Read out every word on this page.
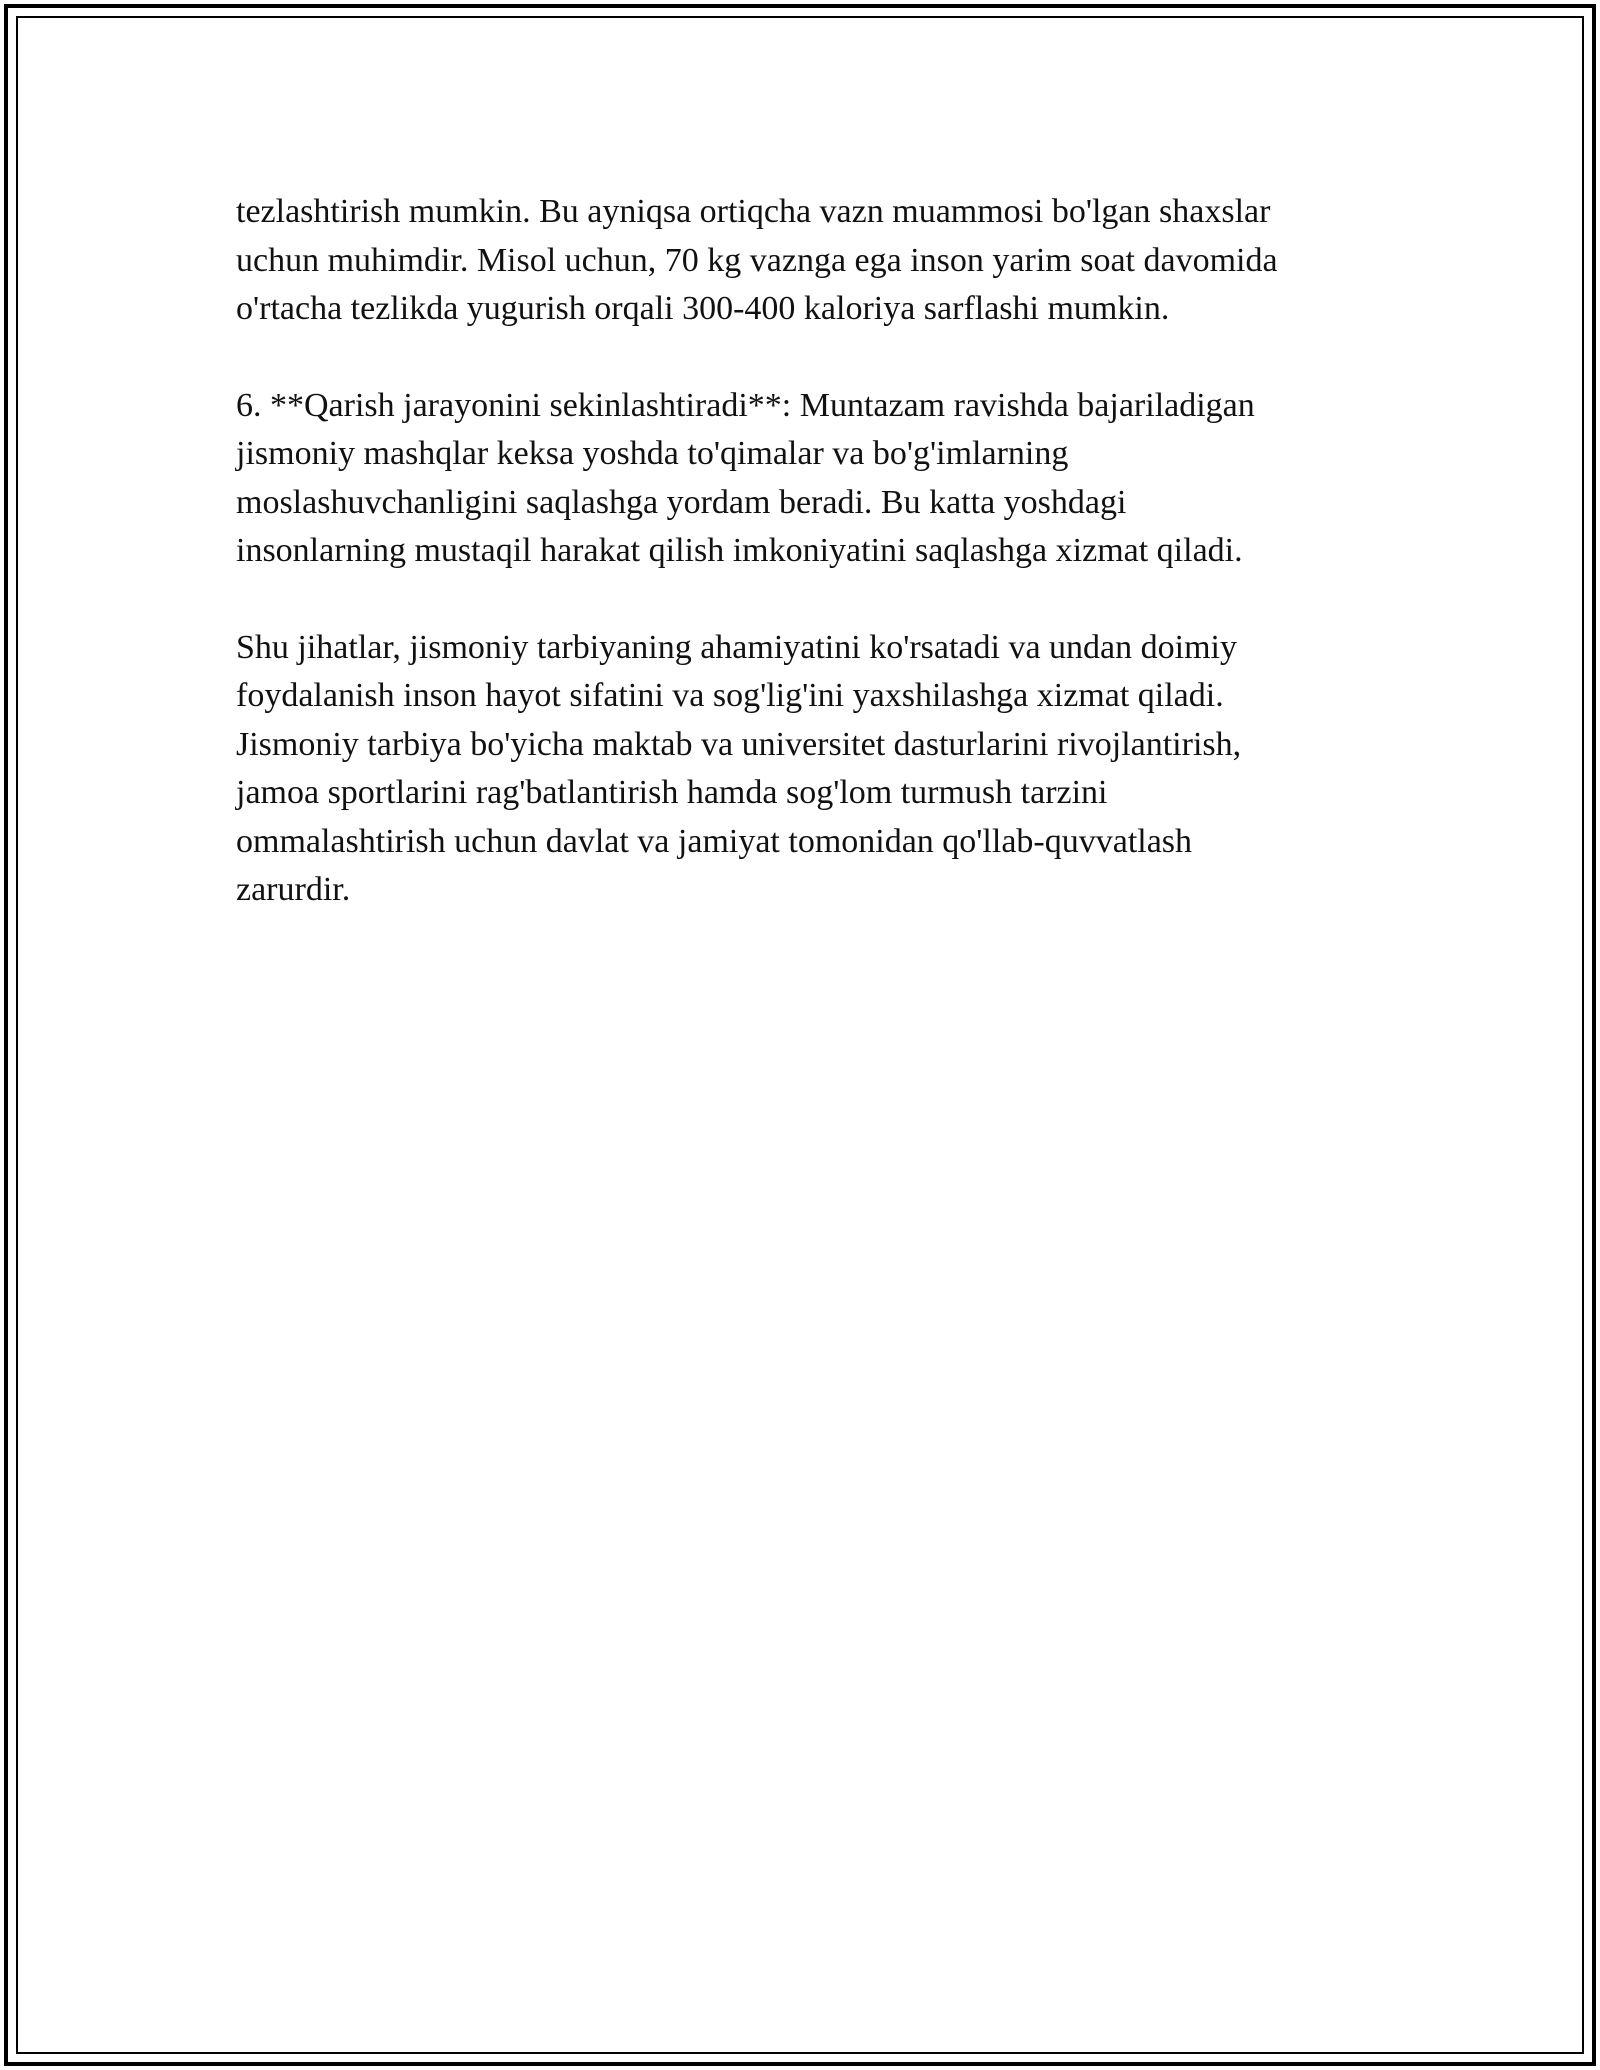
tezlashtirish mumkin. Bu ayniqsa ortiqcha vazn muammosi bo'lgan shaxslar
uchun muhimdir. Misol uchun, 70 kg vaznga ega inson yarim soat davomida
o'rtacha tezlikda yugurish orqali 300-400 kaloriya sarflashi mumkin.

6. **Qarish jarayonini sekinlashtiradi**: Muntazam ravishda bajariladigan
jismoniy mashqlar keksa yoshda to'qimalar va bo'g'imlarning
moslashuvchanligini saqlashga yordam beradi. Bu katta yoshdagi
insonlarning mustaqil harakat qilish imkoniyatini saqlashga xizmat qiladi.

Shu jihatlar, jismoniy tarbiyaning ahamiyatini ko'rsatadi va undan doimiy
foydalanish inson hayot sifatini va sog'lig'ini yaxshilashga xizmat qiladi.
Jismoniy tarbiya bo'yicha maktab va universitet dasturlarini rivojlantirish,
jamoa sportlarini rag'batlantirish hamda sog'lom turmush tarzini
ommalashtirish uchun davlat va jamiyat tomonidan qo'llab-quvvatlash
zarurdir.
